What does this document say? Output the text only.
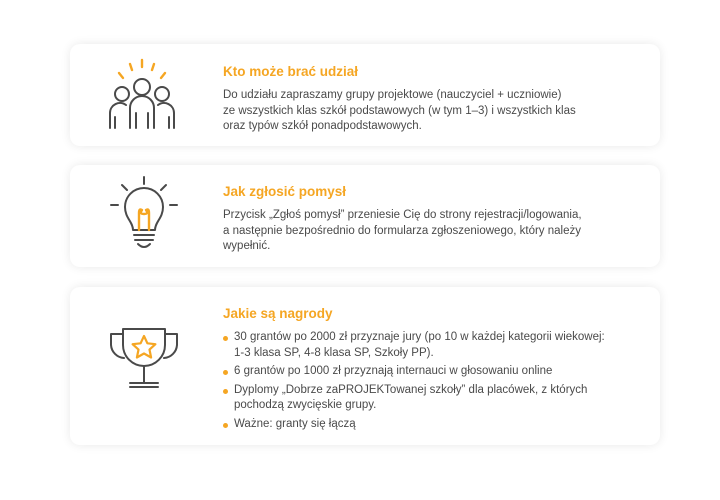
Kto może brać udział

Do udziału zapraszamy grupy projektowe (nauczyciel + uczniowie)
ze wszystkich klas szkół podstawowych (w tym 1–3) i wszystkich klas
oraz typów szkół ponadpodstawowych.

Jak zgłosić pomysł

Przycisk „Zgłoś pomysł” przeniesie Cię do strony rejestracji/logowania,
a następnie bezpośrednio do formularza zgłoszeniowego, który należy
wypełnić.

Jakie są nagrody

30 grantów po 2000 zł przyznaje jury (po 10 w każdej kategorii wiekowej:
1-3 klasa SP, 4-8 klasa SP, Szkoły PP).
6 grantów po 1000 zł przyznają internauci w głosowaniu online
Dyplomy „Dobrze zaPROJEKTowanej szkoły” dla placówek, z których
pochodzą zwycięskie grupy.
Ważne: granty się łączą
